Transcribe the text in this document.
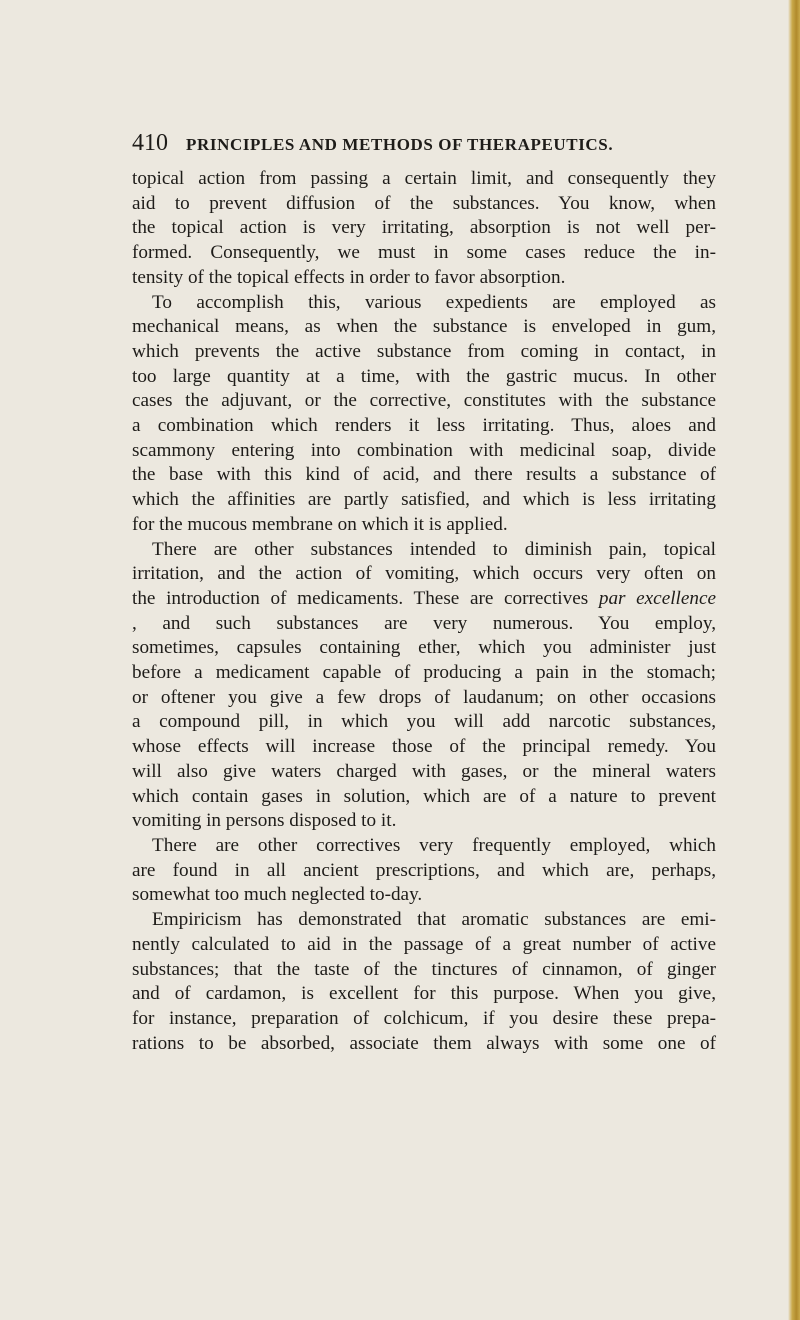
410 PRINCIPLES AND METHODS OF THERAPEUTICS.
topical action from passing a certain limit, and consequently they
aid to prevent diffusion of the substances. You know, when
the topical action is very irritating, absorption is not well per-
formed. Consequently, we must in some cases reduce the in-
tensity of the topical effects in order to favor absorption.
To accomplish this, various expedients are employed as
mechanical means, as when the substance is enveloped in gum,
which prevents the active substance from coming in contact, in
too large quantity at a time, with the gastric mucus. In other
cases the adjuvant, or the corrective, constitutes with the substance
a combination which renders it less irritating. Thus, aloes and
scammony entering into combination with medicinal soap, divide
the base with this kind of acid, and there results a substance of
which the affinities are partly satisfied, and which is less irritating
for the mucous membrane on which it is applied.
There are other substances intended to diminish pain, topical
irritation, and the action of vomiting, which occurs very often on
the introduction of medicaments. These are correctives par excellence
, and such substances are very numerous. You employ,
sometimes, capsules containing ether, which you administer just
before a medicament capable of producing a pain in the stomach;
or oftener you give a few drops of laudanum; on other occasions
a compound pill, in which you will add narcotic substances,
whose effects will increase those of the principal remedy. You
will also give waters charged with gases, or the mineral waters
which contain gases in solution, which are of a nature to prevent
vomiting in persons disposed to it.
There are other correctives very frequently employed, which
are found in all ancient prescriptions, and which are, perhaps,
somewhat too much neglected to-day.
Empiricism has demonstrated that aromatic substances are emi-
nently calculated to aid in the passage of a great number of active
substances; that the taste of the tinctures of cinnamon, of ginger
and of cardamon, is excellent for this purpose. When you give,
for instance, preparation of colchicum, if you desire these prepa-
rations to be absorbed, associate them always with some one of
